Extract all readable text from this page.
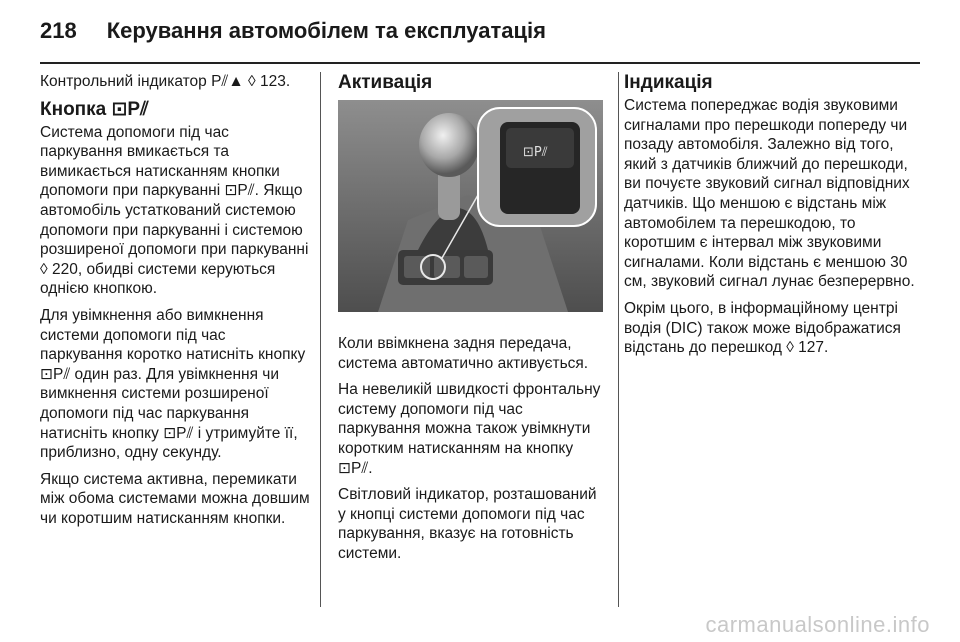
218 Керування автомобілем та експлуатація

Контрольний індикатор P⫽▲ ◊ 123.

Кнопка ⊡P⫽

Система допомоги під час паркування вмикається та вимикається натисканням кнопки допомоги при паркуванні ⊡P⫽. Якщо автомобіль устаткований системою допомоги при паркуванні і системою розширеної допомоги при паркуванні ◊ 220, обидві системи керуються однією кнопкою.

Для увімкнення або вимкнення системи допомоги під час паркування коротко натисніть кнопку ⊡P⫽ один раз. Для увімкнення чи вимкнення системи розширеної допомоги під час паркування натисніть кнопку ⊡P⫽ і утримуйте її, приблизно, одну секунду.

Якщо система активна, перемикати між обома системами можна довшим чи коротшим натисканням кнопки.

Активація
⊡P⫽

Коли ввімкнена задня передача, система автоматично активується.

На невеликій швидкості фронтальну систему допомоги під час паркування можна також увімкнути коротким натисканням на кнопку ⊡P⫽.

Світловий індикатор, розташований у кнопці системи допомоги під час паркування, вказує на готовність системи.

Індикація

Система попереджає водія звуковими сигналами про перешкоди попереду чи позаду автомобіля. Залежно від того, який з датчиків ближчий до перешкоди, ви почуєте звуковий сигнал відповідних датчиків. Що меншою є відстань між автомобілем та перешкодою, то коротшим є інтервал між звуковими сигналами. Коли відстань є меншою 30 см, звуковий сигнал лунає безперервно.

Окрім цього, в інформаційному центрі водія (DIC) також може відображатися відстань до перешкод ◊ 127.

carmanualsonline.info
